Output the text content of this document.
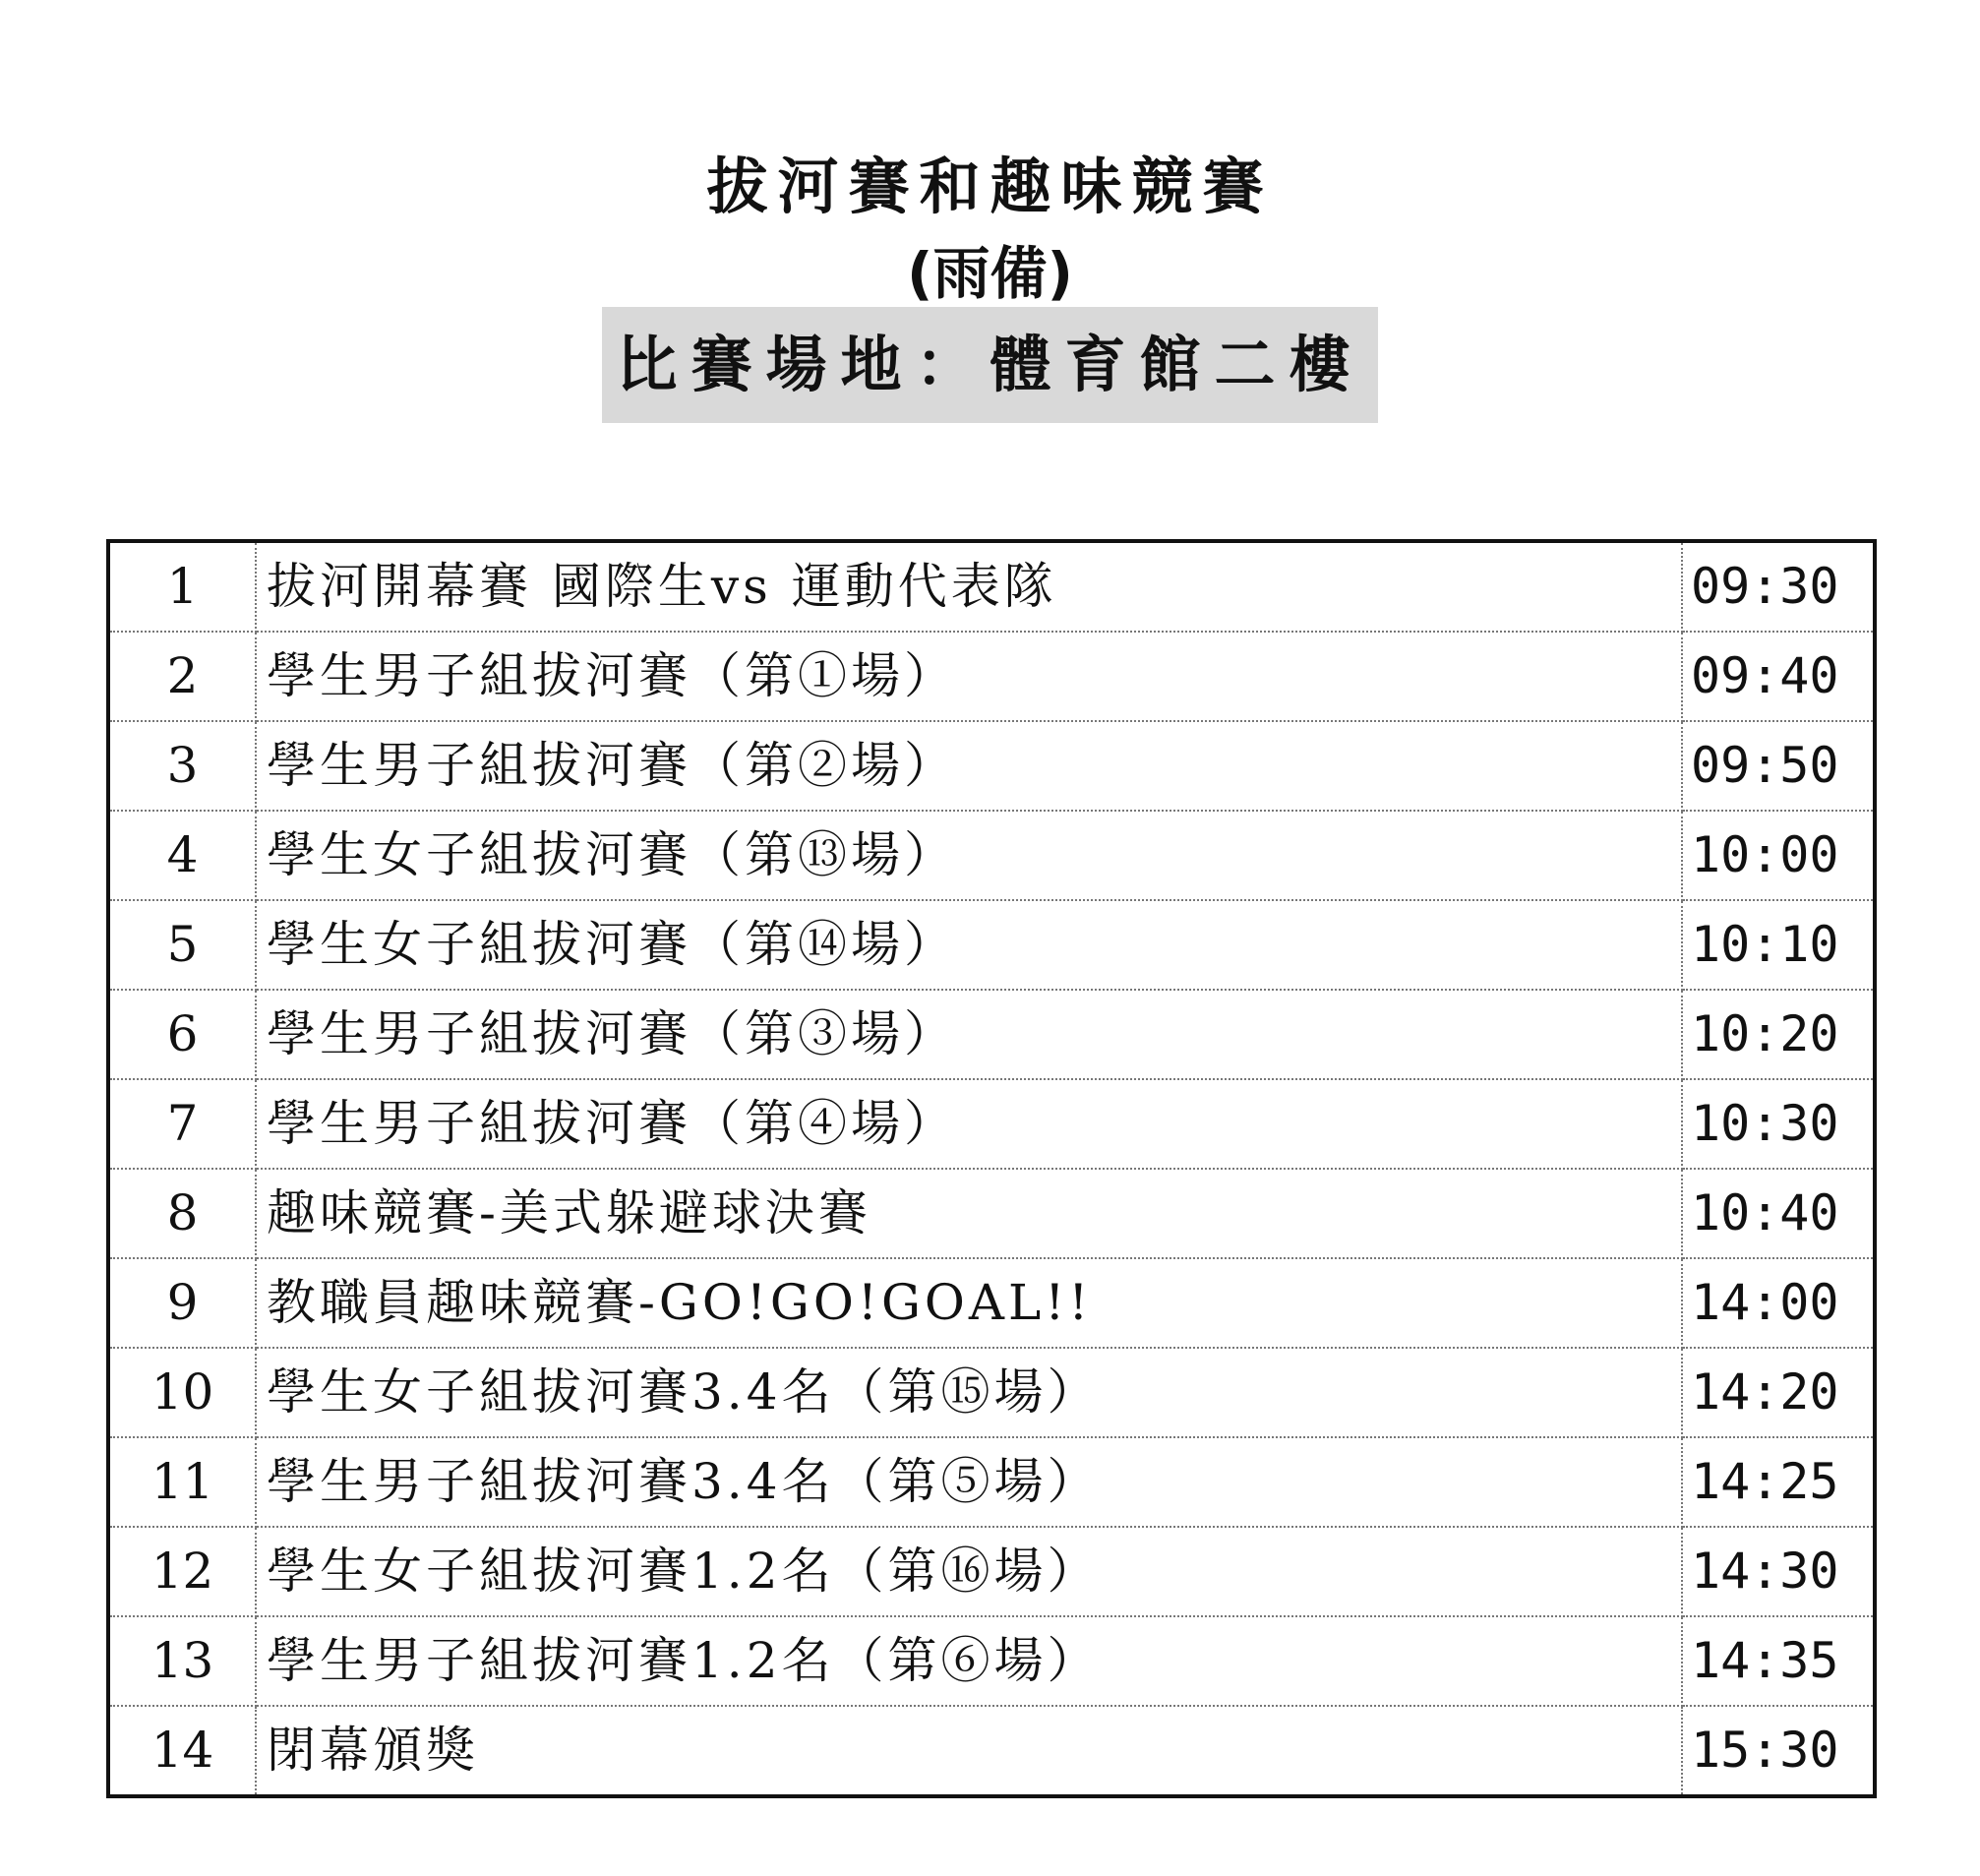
拔河賽和趣味競賽
(雨備)
比賽場地：體育館二樓
1	拔河開幕賽 國際生vs 運動代表隊	09:30
2	學生男子組拔河賽（第①場）	09:40
3	學生男子組拔河賽（第②場）	09:50
4	學生女子組拔河賽（第⑬場）	10:00
5	學生女子組拔河賽（第⑭場）	10:10
6	學生男子組拔河賽（第③場）	10:20
7	學生男子組拔河賽（第④場）	10:30
8	趣味競賽-美式躲避球決賽	10:40
9	教職員趣味競賽-GO!GO!GOAL!!	14:00
10	學生女子組拔河賽3.4名（第⑮場）	14:20
11	學生男子組拔河賽3.4名（第⑤場）	14:25
12	學生女子組拔河賽1.2名（第⑯場）	14:30
13	學生男子組拔河賽1.2名（第⑥場）	14:35
14	閉幕頒獎	15:30
